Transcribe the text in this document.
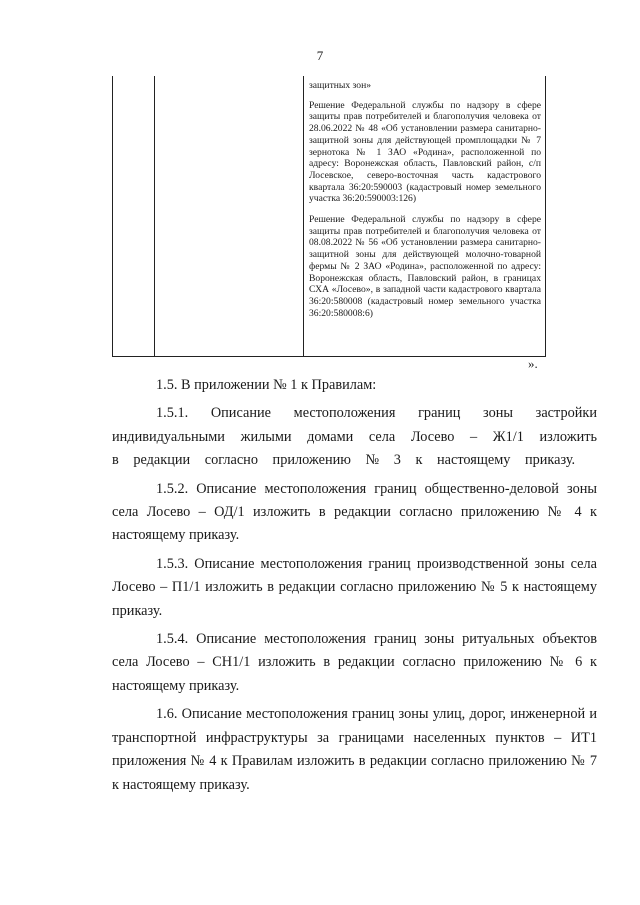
7

защитных зон»

Решение Федеральной службы по надзору в сфере защиты прав потребителей и благополучия человека от 28.06.2022 № 48 «Об установлении размера санитарно-защитной зоны для действующей промплощадки № 7 зернотока № 1 ЗАО «Родина», расположенной по адресу: Воронежская область, Павловский район, с/п Лосевское, северо-восточная часть кадастрового квартала 36:20:590003 (кадастровый номер земельного участка 36:20:590003:126)

Решение Федеральной службы по надзору в сфере защиты прав потребителей и благополучия человека от 08.08.2022 № 56 «Об установлении размера санитарно-защитной зоны для действующей молочно-товарной фермы № 2 ЗАО «Родина», расположенной по адресу: Воронежская область, Павловский район, в границах СХА «Лосево», в западной части кадастрового квартала 36:20:580008 (кадастровый номер земельного участка 36:20:580008:6)

».

1.5. В приложении № 1 к Правилам:

1.5.1. Описание местоположения границ зоны застройки индивидуальными жилыми домами села Лосево – Ж1/1 изложить в редакции согласно приложению № 3 к настоящему приказу.

1.5.2. Описание местоположения границ общественно-деловой зоны села Лосево – ОД/1 изложить в редакции согласно приложению № 4 к настоящему приказу.

1.5.3. Описание местоположения границ производственной зоны села Лосево – П1/1 изложить в редакции согласно приложению № 5 к настоящему приказу.

1.5.4. Описание местоположения границ зоны ритуальных объектов села Лосево – СН1/1 изложить в редакции согласно приложению № 6 к настоящему приказу.

1.6. Описание местоположения границ зоны улиц, дорог, инженерной и транспортной инфраструктуры за границами населенных пунктов – ИТ1 приложения № 4 к Правилам изложить в редакции согласно приложению № 7 к настоящему приказу.
